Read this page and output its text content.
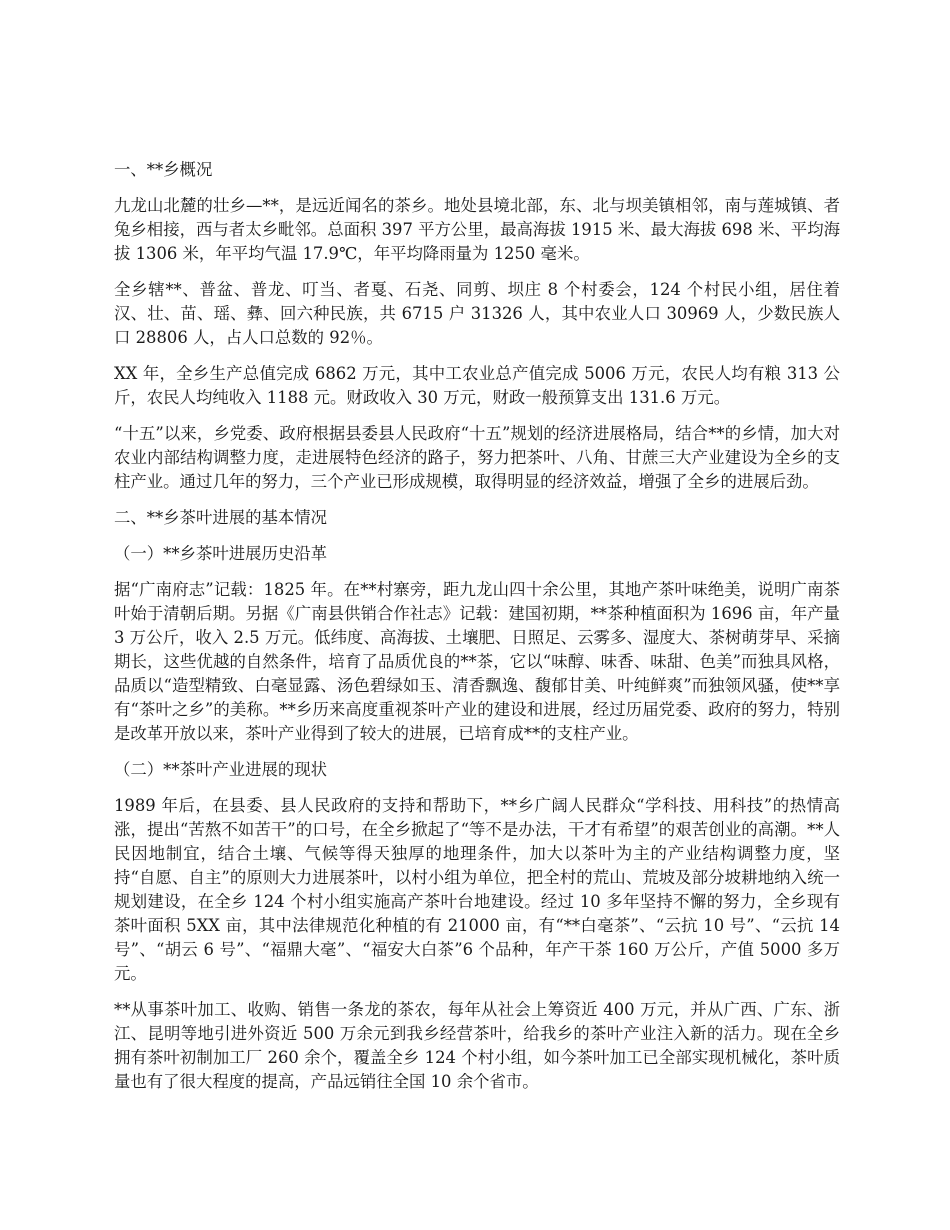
一、**乡概况

九龙山北麓的壮乡—**，是远近闻名的茶乡。地处县境北部，东、北与坝美镇相邻，南与莲城镇、者兔乡相接，西与者太乡毗邻。总面积 397 平方公里，最高海拔 1915 米、最大海拔 698 米、平均海拔 1306 米，年平均气温 17.9℃，年平均降雨量为 1250 毫米。

全乡辖**、普盆、普龙、叮当、者戛、石尧、同剪、坝庄 8 个村委会，124 个村民小组，居住着汉、壮、苗、瑶、彝、回六种民族，共 6715 户 31326 人，其中农业人口 30969 人，少数民族人口 28806 人，占人口总数的 92％。

XX 年，全乡生产总值完成 6862 万元，其中工农业总产值完成 5006 万元，农民人均有粮 313 公斤，农民人均纯收入 1188 元。财政收入 30 万元，财政一般预算支出 131.6 万元。

“十五”以来，乡党委、政府根据县委县人民政府“十五”规划的经济进展格局，结合**的乡情，加大对农业内部结构调整力度，走进展特色经济的路子，努力把茶叶、八角、甘蔗三大产业建设为全乡的支柱产业。通过几年的努力，三个产业已形成规模，取得明显的经济效益，增强了全乡的进展后劲。

二、**乡茶叶进展的基本情况

（一）**乡茶叶进展历史沿革

据“广南府志”记载：1825 年。在**村寨旁，距九龙山四十余公里，其地产茶叶味绝美，说明广南茶叶始于清朝后期。另据《广南县供销合作社志》记载：建国初期，**茶种植面积为 1696 亩，年产量 3 万公斤，收入 2.5 万元。低纬度、高海拔、土壤肥、日照足、云雾多、湿度大、茶树萌芽早、采摘期长，这些优越的自然条件，培育了品质优良的**茶，它以“味醇、味香、味甜、色美”而独具风格，品质以“造型精致、白毫显露、汤色碧绿如玉、清香飘逸、馥郁甘美、叶纯鲜爽”而独领风骚，使**享有“茶叶之乡”的美称。**乡历来高度重视茶叶产业的建设和进展，经过历届党委、政府的努力，特别是改革开放以来，茶叶产业得到了较大的进展，已培育成**的支柱产业。

（二）**茶叶产业进展的现状

1989 年后，在县委、县人民政府的支持和帮助下，**乡广阔人民群众“学科技、用科技”的热情高涨，提出“苦熬不如苦干”的口号，在全乡掀起了“等不是办法，干才有希望”的艰苦创业的高潮。**人民因地制宜，结合土壤、气候等得天独厚的地理条件，加大以茶叶为主的产业结构调整力度，坚持“自愿、自主”的原则大力进展茶叶，以村小组为单位，把全村的荒山、荒坡及部分坡耕地纳入统一规划建设，在全乡 124 个村小组实施高产茶叶台地建设。经过 10 多年坚持不懈的努力，全乡现有茶叶面积 5XX 亩，其中法律规范化种植的有 21000 亩，有“**白毫茶”、“云抗 10 号”、“云抗 14 号”、“胡云 6 号”、“福鼎大毫”、“福安大白茶”6 个品种，年产干茶 160 万公斤，产值 5000 多万元。

**从事茶叶加工、收购、销售一条龙的茶农，每年从社会上筹资近 400 万元，并从广西、广东、浙江、昆明等地引进外资近 500 万余元到我乡经营茶叶，给我乡的茶叶产业注入新的活力。现在全乡拥有茶叶初制加工厂 260 余个，覆盖全乡 124 个村小组，如今茶叶加工已全部实现机械化，茶叶质量也有了很大程度的提高，产品远销往全国 10 余个省市。
